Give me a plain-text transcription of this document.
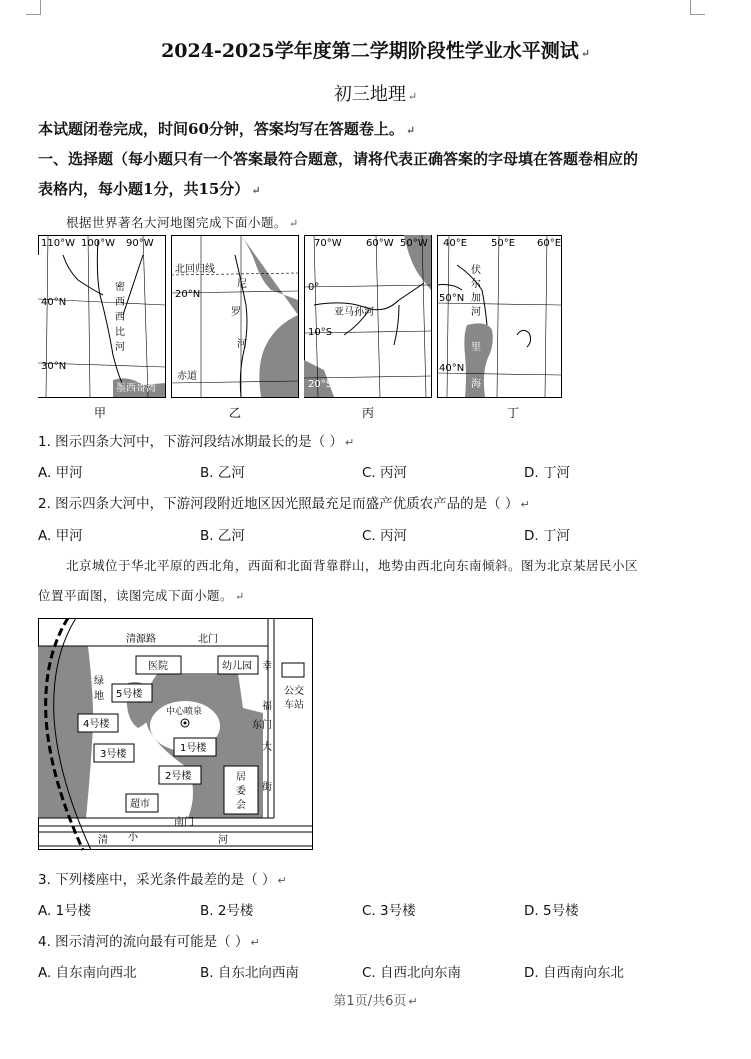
2024-2025学年度第二学期阶段性学业水平测试 ↵
初三地理 ↵
本试题闭卷完成，时间60分钟，答案均写在答题卷上。 ↵
一、选择题（每小题只有一个答案最符合题意，请将代表正确答案的字母填在答题卷相应的
表格内，每小题1分，共15分） ↵
根据世界著名大河地图完成下面小题。 ↵
110°W 100°W 90°W
40°N
30°N
密
西
西
比
河
墨西哥湾
甲
北回归线
20°N
尼
罗
河
赤道
乙
70°W 60°W 50°W
0°
10°S
20°S
亚马孙河
丙
40°E 50°E 60°E
伏
尔
加
河
50°N
40°N
里
海
丁
1. 图示四条大河中，下游河段结冰期最长的是（ ） ↵
A. 甲河	B. 乙河	C. 丙河	D. 丁河
2. 图示四条大河中，下游河段附近地区因光照最充足而盛产优质农产品的是（ ） ↵
A. 甲河	B. 乙河	C. 丙河	D. 丁河
北京城位于华北平原的西北角，西面和北面背靠群山，地势由西北向东南倾斜。图为北京某居民小区
位置平面图，读图完成下面小题。 ↵
清源路	北门
医院	幼儿园 幸
福
东门
大
街
公交
车站
绿
地 5号楼
4号楼
3号楼
中心喷泉
1号楼
2号楼	居
委
会
超市
南门
清 小	河
3. 下列楼座中，采光条件最差的是（ ） ↵
A. 1号楼	B. 2号楼	C. 3号楼	D. 5号楼
4. 图示清河的流向最有可能是（ ） ↵
A. 自东南向西北	B. 自东北向西南	C. 自西北向东南	D. 自西南向东北
第1页/共6页 ↵
